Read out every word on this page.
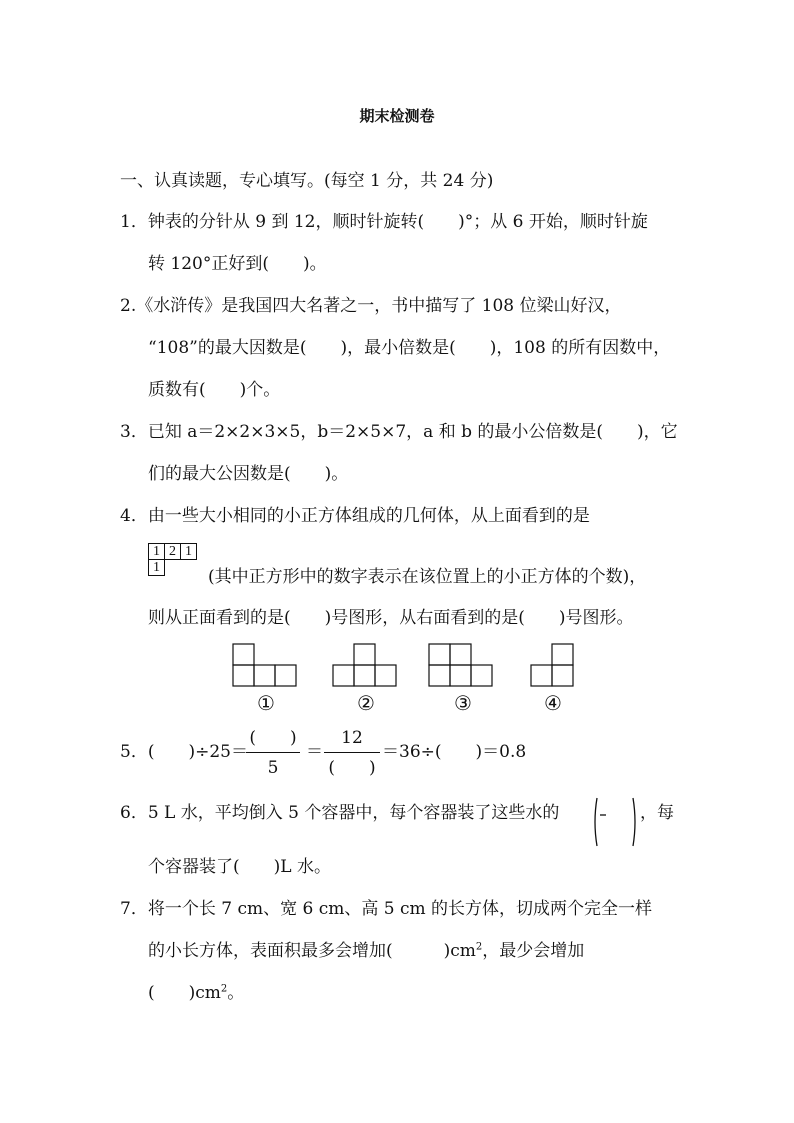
期末检测卷
一、认真读题，专心填写。(每空 1 分，共 24 分)
1．钟表的分针从 9 到 12，顺时针旋转(　　)°；从 6 开始，顺时针旋
转 120°正好到(　　)。
2.《水浒传》是我国四大名著之一，书中描写了 108 位梁山好汉，
“108”的最大因数是(　　)，最小倍数是(　　)，108 的所有因数中，
质数有(　　)个。
3．已知 a＝2×2×3×5，b＝2×5×7，a 和 b 的最小公倍数是(　　)，它
们的最大公因数是(　　)。
4．由一些大小相同的小正方体组成的几何体，从上面看到的是
1	2	1
1			(其中正方形中的数字表示在该位置上的小正方体的个数)，
则从正面看到的是(　　)号图形，从右面看到的是(　　)号图形。
①	②	③	④
5．(　　)÷25＝
(　　)
5
＝
12
(　　)
＝36÷(　　)＝0.8
6．5 L 水，平均倒入 5 个容器中，每个容器装了这些水的	，每
个容器装了(　　)L 水。
7．将一个长 7 cm、宽 6 cm、高 5 cm 的长方体，切成两个完全一样
的小长方体，表面积最多会增加(　　　)$cm^2$，最少会增加
(　　)$cm^2$。
